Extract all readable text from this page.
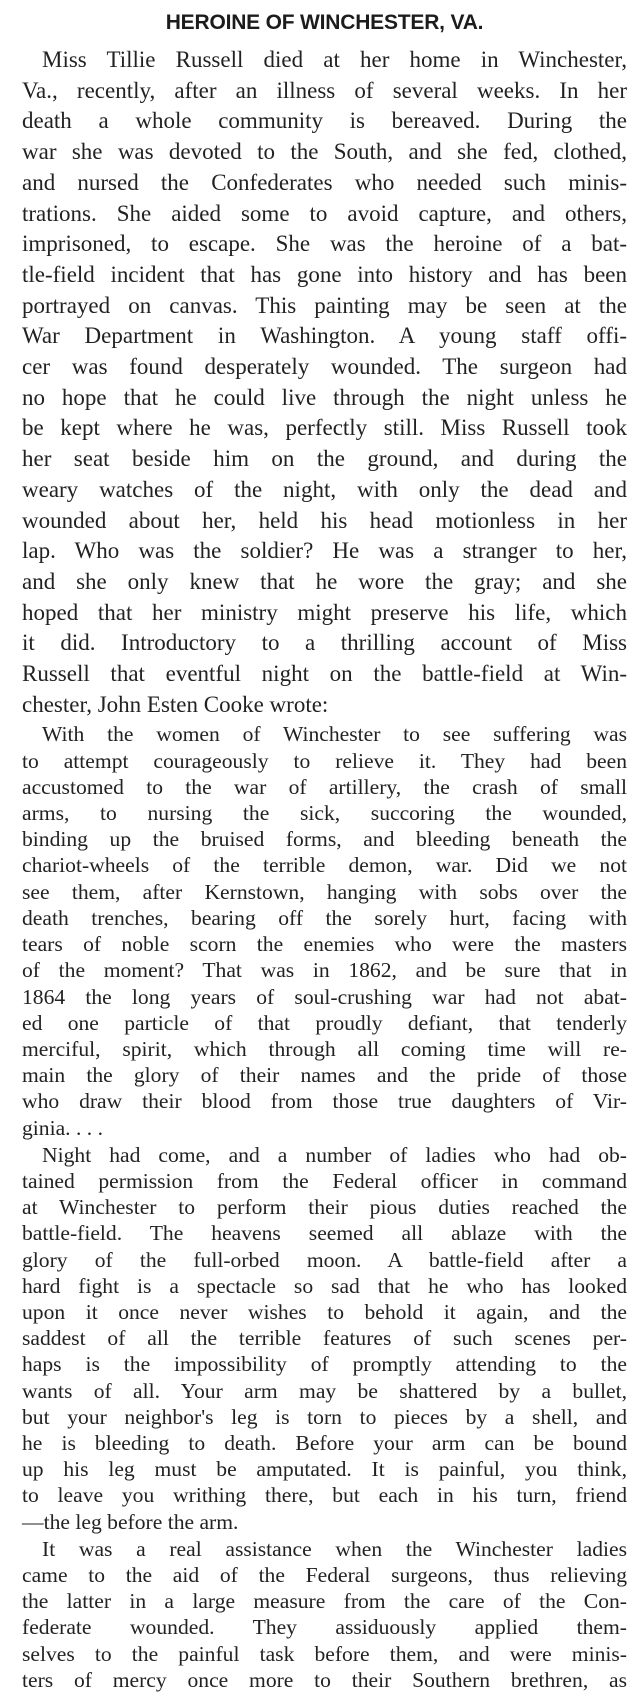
HEROINE OF WINCHESTER, VA.
Miss Tillie Russell died at her home in Winchester,
Va., recently, after an illness of several weeks. In her
death a whole community is bereaved. During the
war she was devoted to the South, and she fed, clothed,
and nursed the Confederates who needed such minis-
trations. She aided some to avoid capture, and others,
imprisoned, to escape. She was the heroine of a bat-
tle-field incident that has gone into history and has been
portrayed on canvas. This painting may be seen at the
War Department in Washington. A young staff offi-
cer was found desperately wounded. The surgeon had
no hope that he could live through the night unless he
be kept where he was, perfectly still. Miss Russell took
her seat beside him on the ground, and during the
weary watches of the night, with only the dead and
wounded about her, held his head motionless in her
lap. Who was the soldier? He was a stranger to her,
and she only knew that he wore the gray; and she
hoped that her ministry might preserve his life, which
it did. Introductory to a thrilling account of Miss
Russell that eventful night on the battle-field at Win-
chester, John Esten Cooke wrote:
With the women of Winchester to see suffering was
to attempt courageously to relieve it. They had been
accustomed to the war of artillery, the crash of small
arms, to nursing the sick, succoring the wounded,
binding up the bruised forms, and bleeding beneath the
chariot-wheels of the terrible demon, war. Did we not
see them, after Kernstown, hanging with sobs over the
death trenches, bearing off the sorely hurt, facing with
tears of noble scorn the enemies who were the masters
of the moment? That was in 1862, and be sure that in
1864 the long years of soul-crushing war had not abat-
ed one particle of that proudly defiant, that tenderly
merciful, spirit, which through all coming time will re-
main the glory of their names and the pride of those
who draw their blood from those true daughters of Vir-
ginia. . . .
Night had come, and a number of ladies who had ob-
tained permission from the Federal officer in command
at Winchester to perform their pious duties reached the
battle-field. The heavens seemed all ablaze with the
glory of the full-orbed moon. A battle-field after a
hard fight is a spectacle so sad that he who has looked
upon it once never wishes to behold it again, and the
saddest of all the terrible features of such scenes per-
haps is the impossibility of promptly attending to the
wants of all. Your arm may be shattered by a bullet,
but your neighbor's leg is torn to pieces by a shell, and
he is bleeding to death. Before your arm can be bound
up his leg must be amputated. It is painful, you think,
to leave you writhing there, but each in his turn, friend
—the leg before the arm.
It was a real assistance when the Winchester ladies
came to the aid of the Federal surgeons, thus relieving
the latter in a large measure from the care of the Con-
federate wounded. They assiduously applied them-
selves to the painful task before them, and were minis-
ters of mercy once more to their Southern brethren, as
